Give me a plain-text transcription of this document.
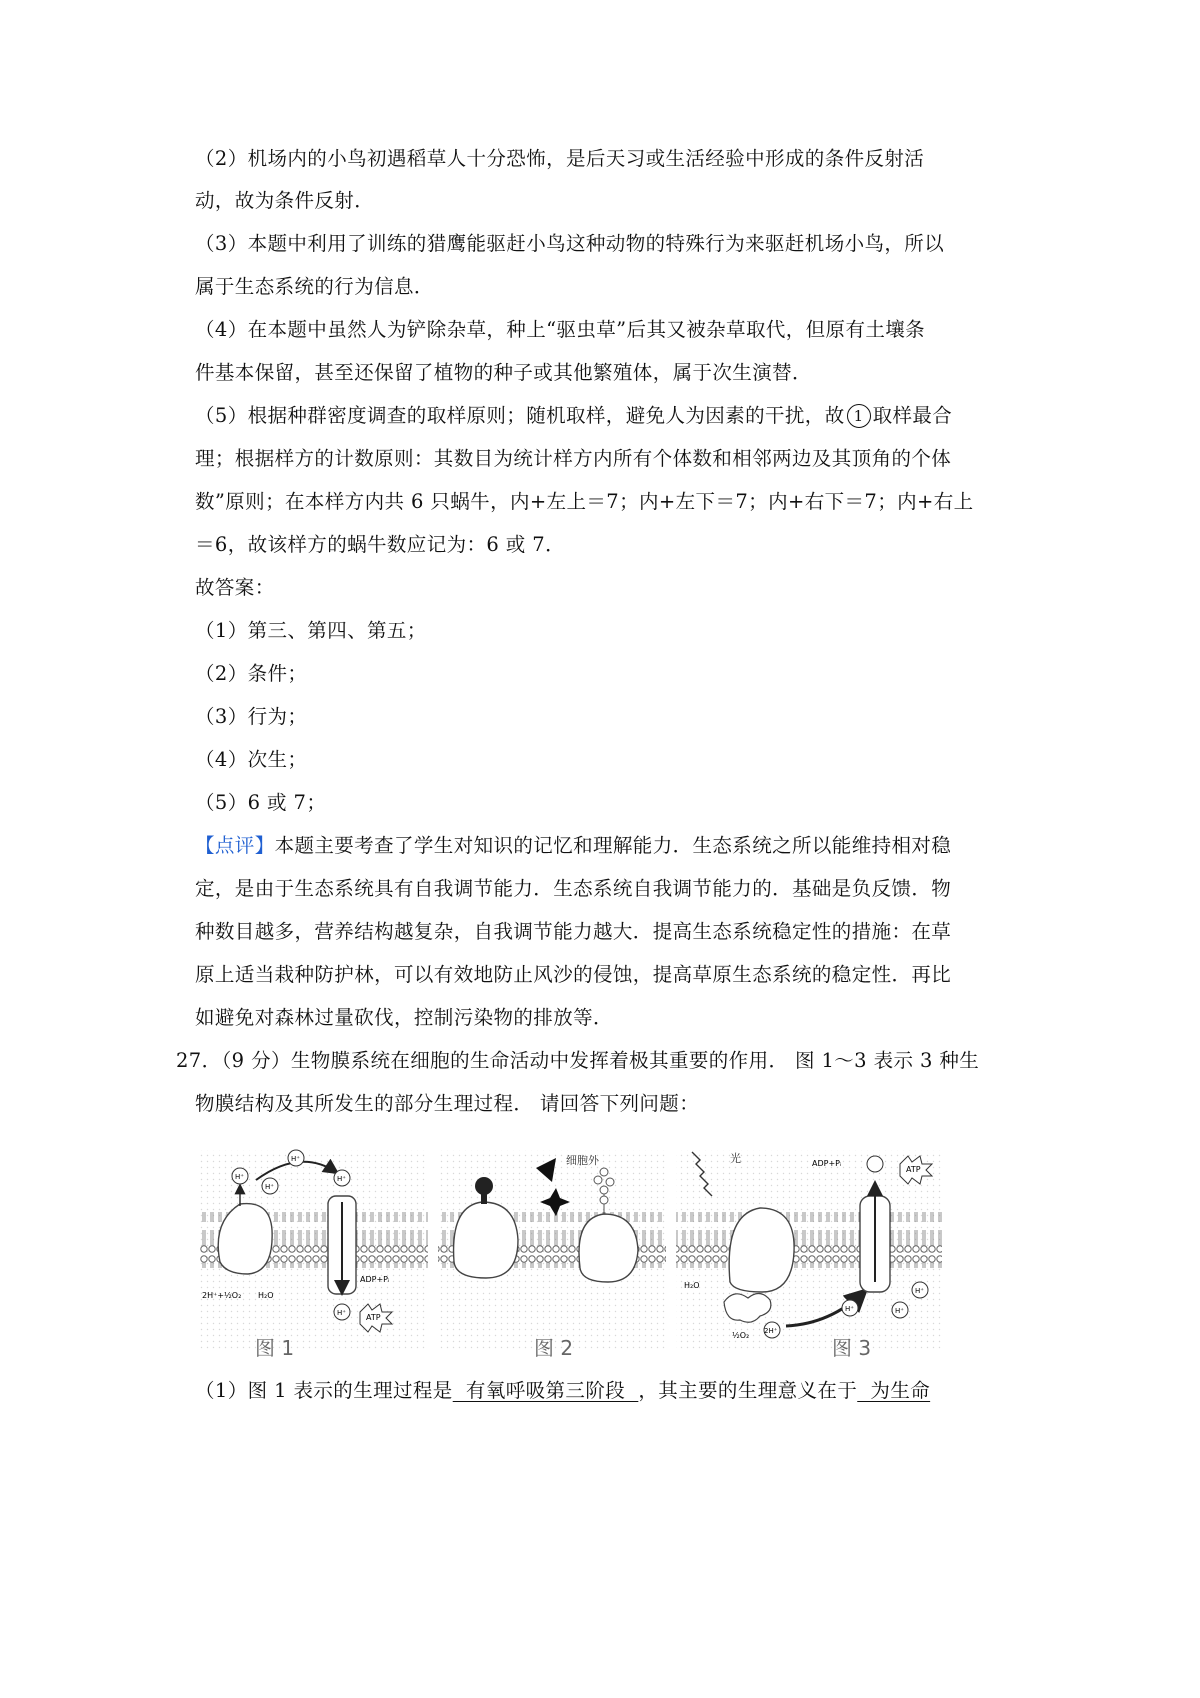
（2）机场内的小鸟初遇稻草人十分恐怖，是后天习或生活经验中形成的条件反射活
动，故为条件反射．
（3）本题中利用了训练的猎鹰能驱赶小鸟这种动物的特殊行为来驱赶机场小鸟，所以
属于生态系统的行为信息．
（4）在本题中虽然人为铲除杂草，种上“驱虫草”后其又被杂草取代，但原有土壤条
件基本保留，甚至还保留了植物的种子或其他繁殖体，属于次生演替．
（5）根据种群密度调查的取样原则；随机取样，避免人为因素的干扰，故 1 取样最合
理；根据样方的计数原则：其数目为统计样方内所有个体数和相邻两边及其顶角的个体
数”原则；在本样方内共 6 只蜗牛，内+左上＝7；内+左下＝7；内+右下＝7；内+右上
＝6，故该样方的蜗牛数应记为：6 或 7．
故答案：
（1）第三、第四、第五；
（2）条件；
（3）行为；
（4）次生；
（5）6 或 7；
【点评】本题主要考查了学生对知识的记忆和理解能力．生态系统之所以能维持相对稳
定，是由于生态系统具有自我调节能力．生态系统自我调节能力的．基础是负反馈．物
种数目越多，营养结构越复杂，自我调节能力越大．提高生态系统稳定性的措施：在草
原上适当栽种防护林，可以有效地防止风沙的侵蚀，提高草原生态系统的稳定性．再比
如避免对森林过量砍伐，控制污染物的排放等．
27．（9 分）生物膜系统在细胞的生命活动中发挥着极其重要的作用． 图 1～3 表示 3 种生
物膜结构及其所发生的部分生理过程． 请回答下列问题：
H⁺
H⁺
H⁺
H⁺
2H⁺+½O₂ H₂O
ADP+Pᵢ
ATP
H⁺
细胞外	光
H₂O
½O₂ 2H⁺
ADP+Pᵢ
ATP
H⁺	H⁺
H⁺
图 1	图 2	图 3
（1）图 1 表示的生理过程是  有氧呼吸第三阶段  ，其主要的生理意义在于  为生命
